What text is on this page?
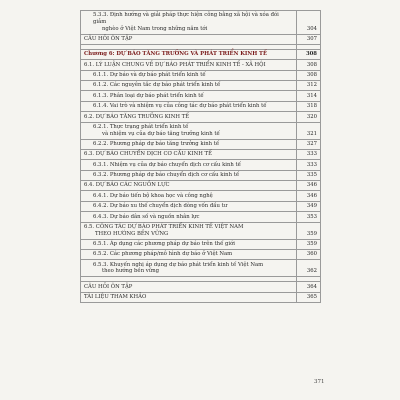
5.3.3. Định hướng và giải pháp thực hiện công bằng xã hội và xóa đói giảm
nghèo ở Việt Nam trong những năm tới	304
CÂU HỎI ÔN TẬP	307
Chương 6: DỰ BÁO TĂNG TRƯỞNG VÀ PHÁT TRIỂN KINH TẾ	308
6.1. LÝ LUẬN CHUNG VỀ DỰ BÁO PHÁT TRIỂN KINH TẾ - XÃ HỘI	308
6.1.1. Dự báo và dự báo phát triển kinh tế	308
6.1.2. Các nguyên tắc dự báo phát triển kinh tế	312
6.1.3. Phân loại dự báo phát triển kinh tế	314
6.1.4. Vai trò và nhiệm vụ của công tác dự báo phát triển kinh tế	318
6.2. DỰ BÁO TĂNG TRƯỞNG KINH TẾ	320
6.2.1. Thực trạng phát triển kinh tế
và nhiệm vụ của dự báo tăng trưởng kinh tế	321
6.2.2. Phương pháp dự báo tăng trưởng kinh tế	327
6.3. DỰ BÁO CHUYỂN DỊCH CƠ CẤU KINH TẾ	333
6.3.1. Nhiệm vụ của dự báo chuyển dịch cơ cấu kinh tế	333
6.3.2. Phương pháp dự báo chuyển dịch cơ cấu kinh tế	335
6.4. DỰ BÁO CÁC NGUỒN LỰC	346
6.4.1. Dự báo tiến bộ khoa học và công nghệ	346
6.4.2. Dự báo xu thế chuyển dịch dòng vốn đầu tư	349
6.4.3. Dự báo dân số và nguồn nhân lực	353
6.5. CÔNG TÁC DỰ BÁO PHÁT TRIỂN KINH TẾ VIỆT NAM
THEO HƯỚNG BỀN VỮNG	359
6.5.1. Áp dụng các phương pháp dự báo trên thế giới	359
6.5.2. Các phương pháp/mô hình dự báo ở Việt Nam	360
6.5.3. Khuyến nghị áp dụng dự báo phát triển kinh tế Việt Nam
theo hướng bền vững	362
CÂU HỎI ÔN TẬP	364
TÀI LIỆU THAM KHẢO	365
371
